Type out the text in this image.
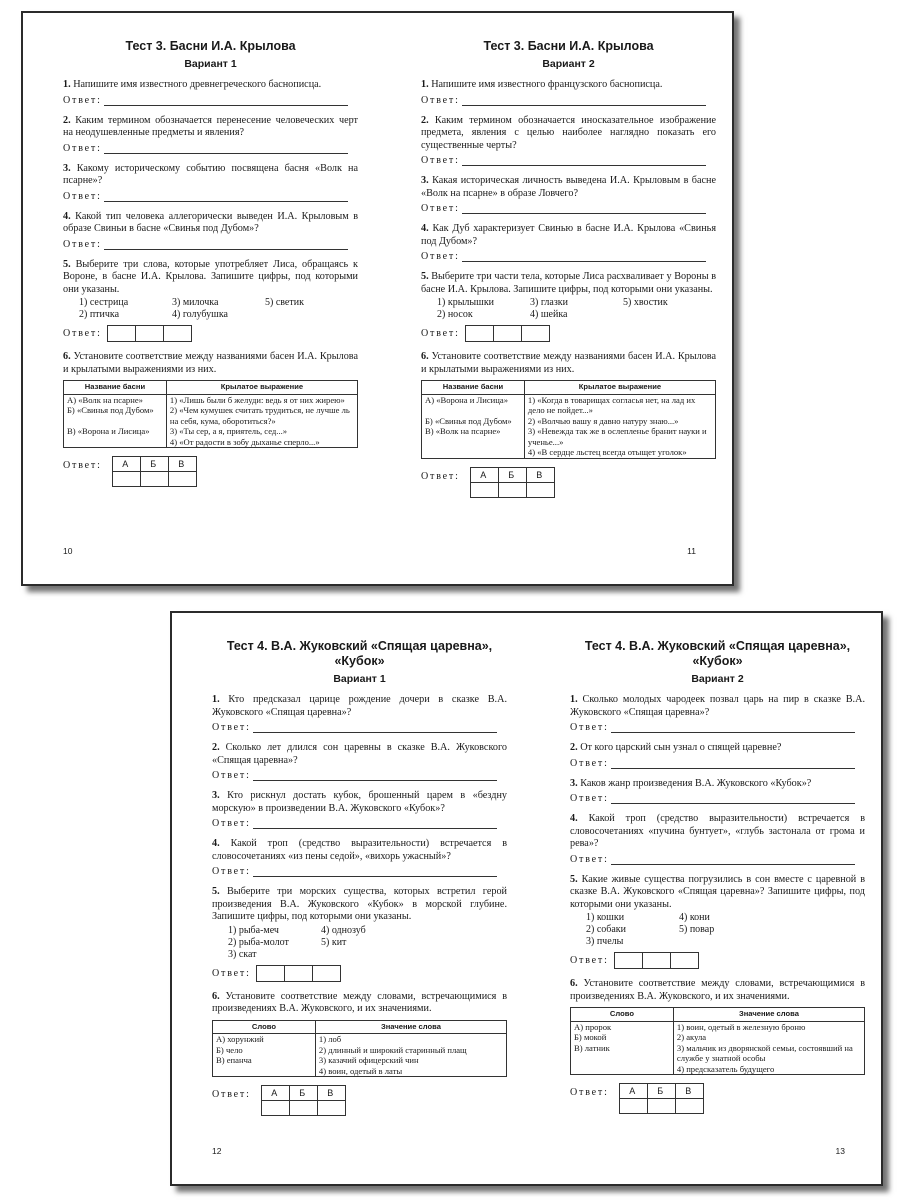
Тест 3. Басни И.А. Крылова
Вариант 1

1. Напишите имя известного древнегреческого баснописца.

Ответ:

2. Каким термином обозначается перенесение человеческих черт на неодушевленные предметы и явления?

Ответ:

3. Какому историческому событию посвящена басня «Волк на псарне»?

Ответ:

4. Какой тип человека аллегорически выведен И.А. Крыловым в образе Свиньи в басне «Свинья под Дубом»?

Ответ:

5. Выберите три слова, которые употребляет Лиса, обращаясь к Вороне, в басне И.А. Крылова. Запишите цифры, под которыми они указаны.

1) сестрица	3) милочка	5) светик
2) птичка	4) голубушка
Ответ:

6. Установите соответствие между названиями басен И.А. Крылова и крылатыми выражениями из них.

Название басни	Крылатое выражение
А) «Волк на псарне»	1) «Лишь были б желуди: ведь я от них жирею»
Б) «Свинья под Дубом»	2) «Чем кумушек считать трудиться, не лучше ль на себя, кума, оборотиться?»
В) «Ворона и Лисица»	3) «Ты сер, а я, приятель, сед...»
	4) «От радости в зобу дыханье сперло...»
Ответ: А	Б	В

10
Тест 3. Басни И.А. Крылова
Вариант 2

1. Напишите имя известного французского баснописца.

Ответ:

2. Каким термином обозначается иносказательное изображение предмета, явления с целью наиболее наглядно показать его существенные черты?

Ответ:

3. Какая историческая личность выведена И.А. Крыловым в басне «Волк на псарне» в образе Ловчего?

Ответ:

4. Как Дуб характеризует Свинью в басне И.А. Крылова «Свинья под Дубом»?

Ответ:

5. Выберите три части тела, которые Лиса расхваливает у Вороны в басне И.А. Крылова. Запишите цифры, под которыми они указаны.

1) крылышки	3) глазки	5) хвостик
2) носок	4) шейка
Ответ:

6. Установите соответствие между названиями басен И.А. Крылова и крылатыми выражениями из них.

Название басни	Крылатое выражение
А) «Ворона и Лисица»	1) «Когда в товарищах согласья нет, на лад их дело не пойдет...»
Б) «Свинья под Дубом»	2) «Волчью вашу я давно натуру знаю...»
В) «Волк на псарне»	3) «Невежда так же в ослепленье бранит науки и ученье...»
	4) «В сердце льстец всегда отыщет уголок»
Ответ: А	Б	В

11
Тест 4. В.А. Жуковский «Спящая царевна», «Кубок»
Вариант 1

1. Кто предсказал царице рождение дочери в сказке В.А. Жуковского «Спящая царевна»?

Ответ:

2. Сколько лет длился сон царевны в сказке В.А. Жуковского «Спящая царевна»?

Ответ:

3. Кто рискнул достать кубок, брошенный царем в «бездну морскую» в произведении В.А. Жуковского «Кубок»?

Ответ:

4. Какой троп (средство выразительности) встречается в словосочетаниях «из пены седой», «вихорь ужасный»?

Ответ:

5. Выберите три морских существа, которых встретил герой произведения В.А. Жуковского «Кубок» в морской глубине. Запишите цифры, под которыми они указаны.

1) рыба-меч	4) однозуб
2) рыба-молот	5) кит
3) скат
Ответ:

6. Установите соответствие между словами, встречающимися в произведениях В.А. Жуковского, и их значениями.

Слово	Значение слова
А) хорунжий	1) лоб
Б) чело	2) длинный и широкий старинный плащ
В) епанча	3) казачий офицерский чин
	4) воин, одетый в латы
Ответ: А	Б	В

12
Тест 4. В.А. Жуковский «Спящая царевна», «Кубок»
Вариант 2

1. Сколько молодых чародеек позвал царь на пир в сказке В.А. Жуковского «Спящая царевна»?

Ответ:

2. От кого царский сын узнал о спящей царевне?

Ответ:

3. Каков жанр произведения В.А. Жуковского «Кубок»?

Ответ:

4. Какой троп (средство выразительности) встречается в словосочетаниях «пучина бунтует», «глубь застонала от грома и рева»?

Ответ:

5. Какие живые существа погрузились в сон вместе с царевной в сказке В.А. Жуковского «Спящая царевна»? Запишите цифры, под которыми они указаны.

1) кошки	4) кони
2) собаки	5) повар
3) пчелы
Ответ:

6. Установите соответствие между словами, встречающимися в произведениях В.А. Жуковского, и их значениями.

Слово	Значение слова
А) пророк	1) воин, одетый в железную броню
Б) мокой	2) акула
В) латник	3) мальчик из дворянской семьи, состоявший на службе у знатной особы
	4) предсказатель будущего
Ответ: А	Б	В

13
